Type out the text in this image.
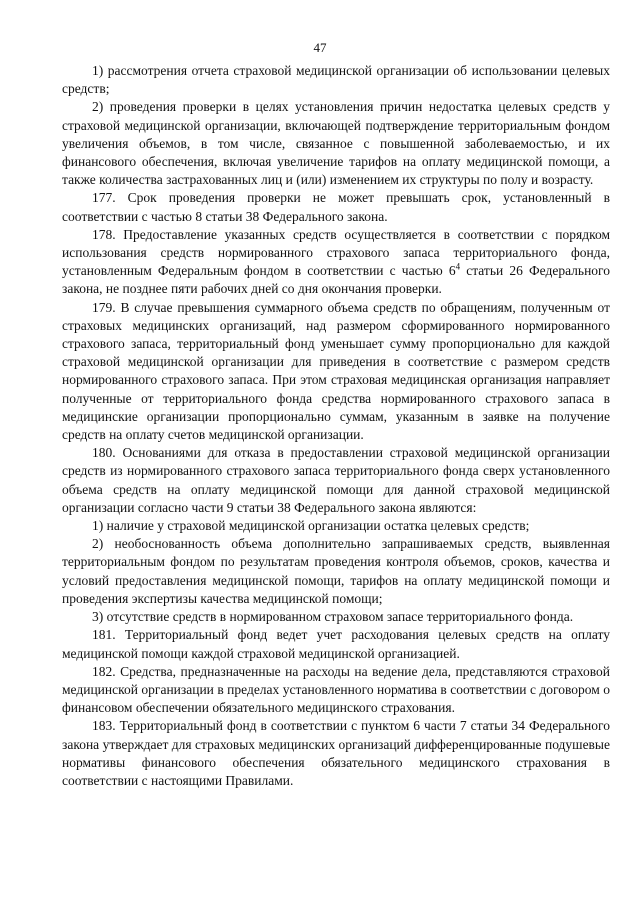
47

1) рассмотрения отчета страховой медицинской организации об использовании целевых средств;

2) проведения проверки в целях установления причин недостатка целевых средств у страховой медицинской организации, включающей подтверждение территориальным фондом увеличения объемов, в том числе, связанное с повышенной заболеваемостью, и их финансового обеспечения, включая увеличение тарифов на оплату медицинской помощи, а также количества застрахованных лиц и (или) изменением их структуры по полу и возрасту.

177. Срок проведения проверки не может превышать срок, установленный в соответствии с частью 8 статьи 38 Федерального закона.

178. Предоставление указанных средств осуществляется в соответствии с порядком использования средств нормированного страхового запаса территориального фонда, установленным Федеральным фондом в соответствии с частью $6^4$ статьи 26 Федерального закона, не позднее пяти рабочих дней со дня окончания проверки.

179. В случае превышения суммарного объема средств по обращениям, полученным от страховых медицинских организаций, над размером сформированного нормированного страхового запаса, территориальный фонд уменьшает сумму пропорционально для каждой страховой медицинской организации для приведения в соответствие с размером средств нормированного страхового запаса. При этом страховая медицинская организация направляет полученные от территориального фонда средства нормированного страхового запаса в медицинские организации пропорционально суммам, указанным в заявке на получение средств на оплату счетов медицинской организации.

180. Основаниями для отказа в предоставлении страховой медицинской организации средств из нормированного страхового запаса территориального фонда сверх установленного объема средств на оплату медицинской помощи для данной страховой медицинской организации согласно части 9 статьи 38 Федерального закона являются:

1) наличие у страховой медицинской организации остатка целевых средств;

2) необоснованность объема дополнительно запрашиваемых средств, выявленная территориальным фондом по результатам проведения контроля объемов, сроков, качества и условий предоставления медицинской помощи, тарифов на оплату медицинской помощи и проведения экспертизы качества медицинской помощи;

3) отсутствие средств в нормированном страховом запасе территориального фонда.

181. Территориальный фонд ведет учет расходования целевых средств на оплату медицинской помощи каждой страховой медицинской организацией.

182. Средства, предназначенные на расходы на ведение дела, представляются страховой медицинской организации в пределах установленного норматива в соответствии с договором о финансовом обеспечении обязательного медицинского страхования.

183. Территориальный фонд в соответствии с пунктом 6 части 7 статьи 34 Федерального закона утверждает для страховых медицинских организаций дифференцированные подушевые нормативы финансового обеспечения обязательного медицинского страхования в соответствии с настоящими Правилами.
